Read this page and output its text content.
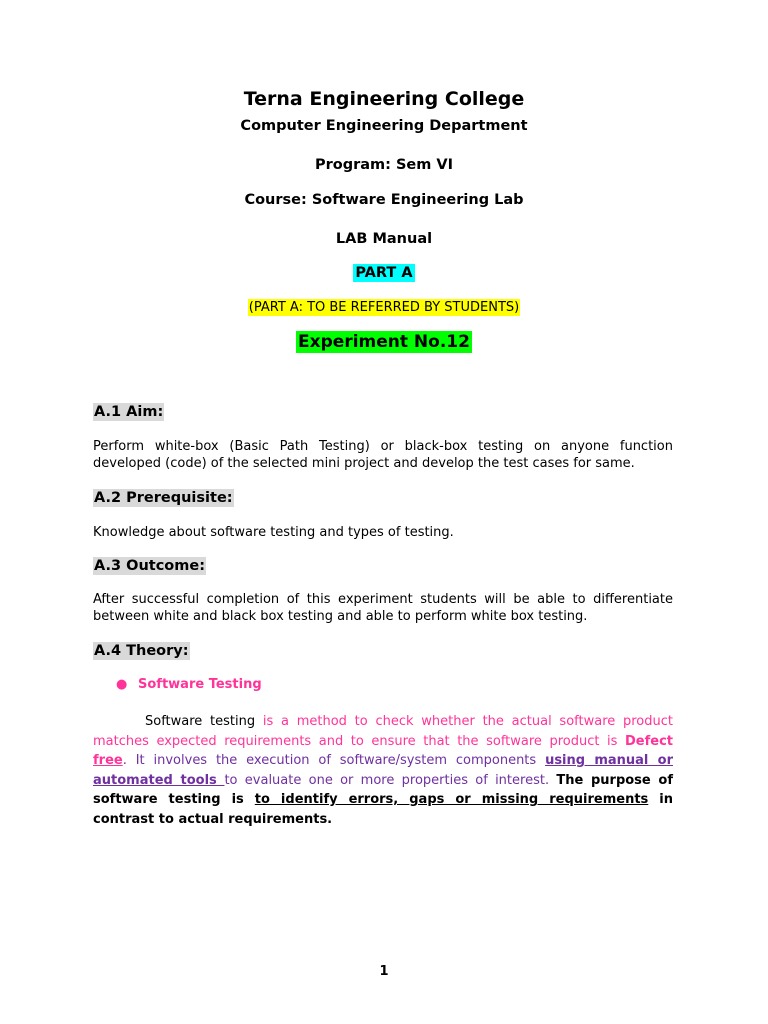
Terna Engineering College
Computer Engineering Department
Program: Sem VI
Course: Software Engineering Lab
LAB Manual
PART A
(PART A: TO BE REFERRED BY STUDENTS)
Experiment No.12
A.1 Aim:
Perform white-box (Basic Path Testing) or black-box testing on anyone function developed (code) of the selected mini project and develop the test cases for same.
A.2 Prerequisite:
Knowledge about software testing and types of testing.
A.3 Outcome:
After successful completion of this experiment students will be able to differentiate between white and black box testing and able to perform white box testing.
A.4 Theory:
● Software Testing
Software testing is a method to check whether the actual software product matches expected requirements and to ensure that the software product is Defect free. It involves the execution of software/system components using manual or automated tools to evaluate one or more properties of interest. The purpose of software testing is to identify errors, gaps or missing requirements in contrast to actual requirements.
1
